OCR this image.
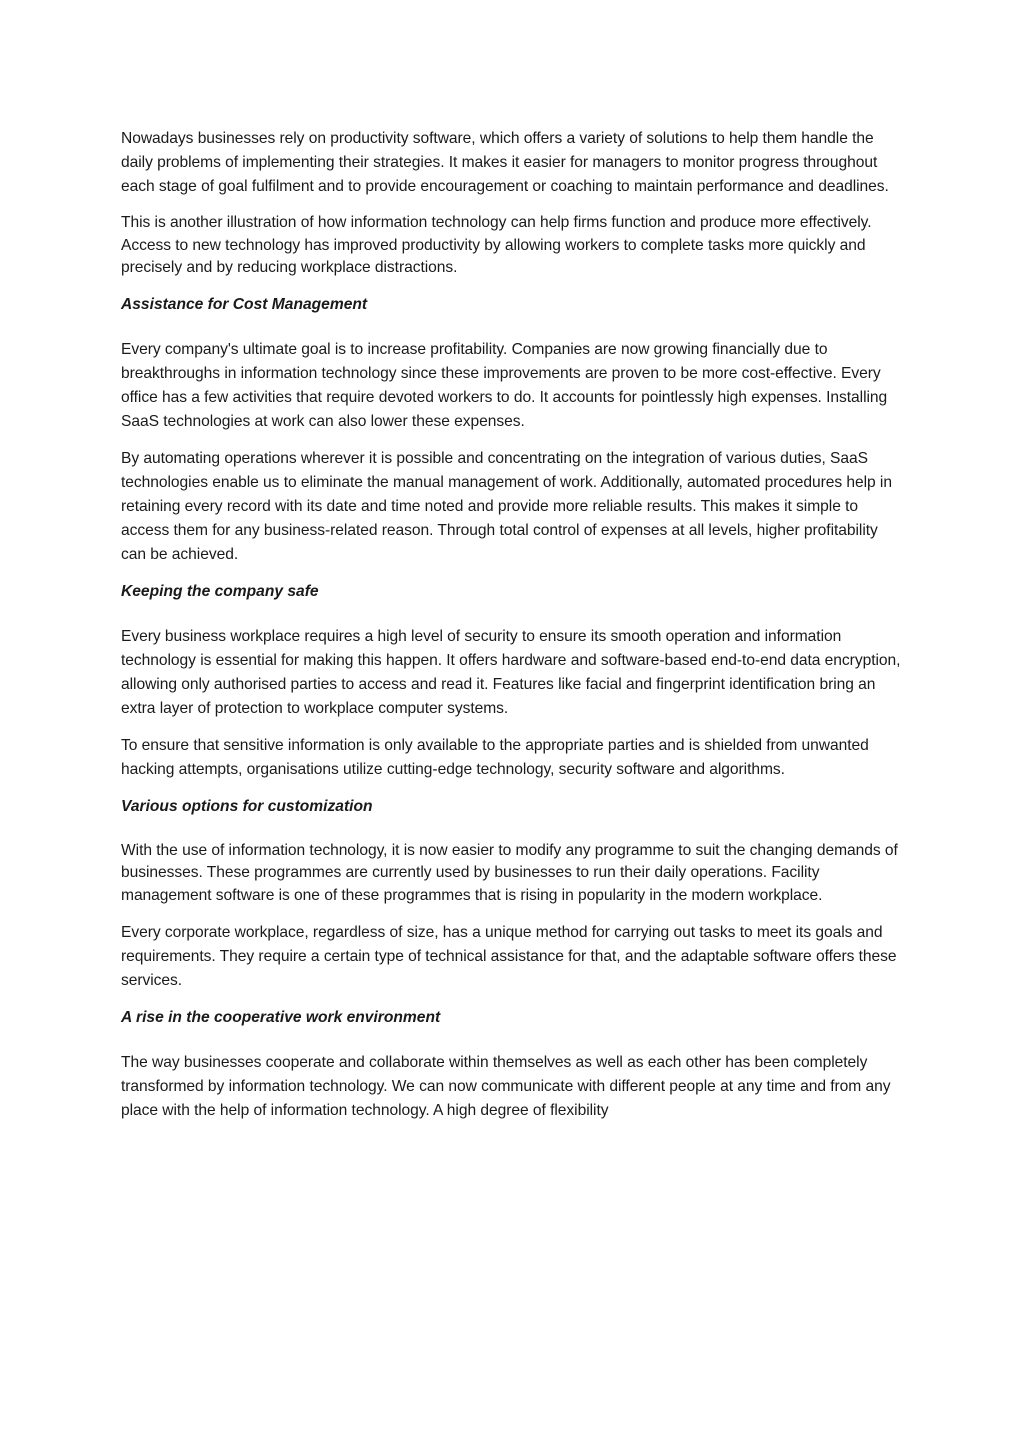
Nowadays businesses rely on productivity software, which offers a variety of solutions to help them handle the daily problems of implementing their strategies. It makes it easier for managers to monitor progress throughout each stage of goal fulfilment and to provide encouragement or coaching to maintain performance and deadlines.

This is another illustration of how information technology can help firms function and produce more effectively. Access to new technology has improved productivity by allowing workers to complete tasks more quickly and precisely and by reducing workplace distractions.

Assistance for Cost Management

Every company's ultimate goal is to increase profitability. Companies are now growing financially due to breakthroughs in information technology since these improvements are proven to be more cost-effective. Every office has a few activities that require devoted workers to do. It accounts for pointlessly high expenses. Installing SaaS technologies at work can also lower these expenses.

By automating operations wherever it is possible and concentrating on the integration of various duties, SaaS technologies enable us to eliminate the manual management of work. Additionally, automated procedures help in retaining every record with its date and time noted and provide more reliable results. This makes it simple to access them for any business-related reason. Through total control of expenses at all levels, higher profitability can be achieved.

Keeping the company safe

Every business workplace requires a high level of security to ensure its smooth operation and information technology is essential for making this happen. It offers hardware and software-based end-to-end data encryption, allowing only authorised parties to access and read it. Features like facial and fingerprint identification bring an extra layer of protection to workplace computer systems.

To ensure that sensitive information is only available to the appropriate parties and is shielded from unwanted hacking attempts, organisations utilize cutting-edge technology, security software and algorithms.

Various options for customization

With the use of information technology, it is now easier to modify any programme to suit the changing demands of businesses. These programmes are currently used by businesses to run their daily operations. Facility management software is one of these programmes that is rising in popularity in the modern workplace.

Every corporate workplace, regardless of size, has a unique method for carrying out tasks to meet its goals and requirements. They require a certain type of technical assistance for that, and the adaptable software offers these services.

A rise in the cooperative work environment

The way businesses cooperate and collaborate within themselves as well as each other has been completely transformed by information technology. We can now communicate with different people at any time and from any place with the help of information technology. A high degree of flexibility
